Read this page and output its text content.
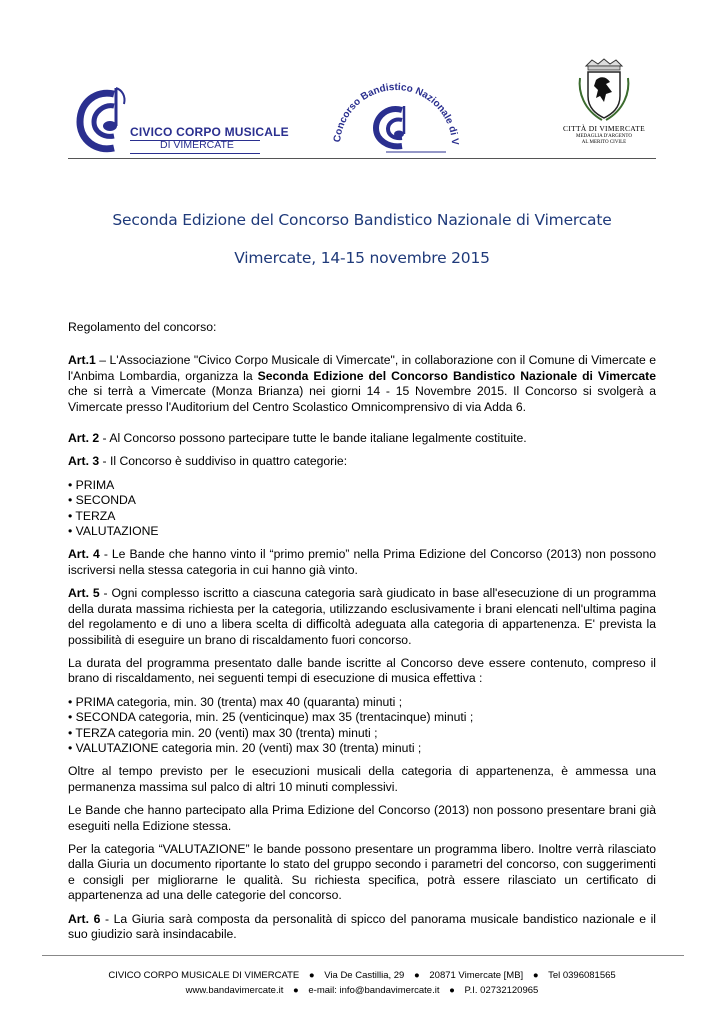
CIVICO CORPO MUSICALE
DI VIMERCATE
Concorso Bandistico Nazionale di V
CITTÀ DI VIMERCATE
MEDAGLIA D'ARGENTO
AL MERITO CIVILE
Seconda Edizione del Concorso Bandistico Nazionale di Vimercate
Vimercate, 14-15 novembre 2015

Regolamento del concorso:

Art.1 – L'Associazione "Civico Corpo Musicale di Vimercate", in collaborazione con il Comune di Vimercate e l'Anbima Lombardia, organizza la Seconda Edizione del Concorso Bandistico Nazionale di Vimercate che si terrà a Vimercate (Monza Brianza) nei giorni 14 - 15 Novembre 2015. Il Concorso si svolgerà a Vimercate presso l'Auditorium del Centro Scolastico Omnicomprensivo di via Adda 6.

Art. 2 - Al Concorso possono partecipare tutte le bande italiane legalmente costituite.

Art. 3 - Il Concorso è suddiviso in quattro categorie:

• PRIMA
• SECONDA
• TERZA
• VALUTAZIONE

Art. 4 - Le Bande che hanno vinto il “primo premio” nella Prima Edizione del Concorso (2013) non possono iscriversi nella stessa categoria in cui hanno già vinto.

Art. 5 - Ogni complesso iscritto a ciascuna categoria sarà giudicato in base all'esecuzione di un programma della durata massima richiesta per la categoria, utilizzando esclusivamente i brani elencati nell'ultima pagina del regolamento e di uno a libera scelta di difficoltà adeguata alla categoria di appartenenza. E' prevista la possibilità di eseguire un brano di riscaldamento fuori concorso.

La durata del programma presentato dalle bande iscritte al Concorso deve essere contenuto, compreso il brano di riscaldamento, nei seguenti tempi di esecuzione di musica effettiva :

• PRIMA categoria, min. 30 (trenta) max 40 (quaranta) minuti ;
• SECONDA categoria, min. 25 (venticinque) max 35 (trentacinque) minuti ;
• TERZA categoria min. 20 (venti) max 30 (trenta) minuti ;
• VALUTAZIONE categoria min. 20 (venti) max 30 (trenta) minuti ;

Oltre al tempo previsto per le esecuzioni musicali della categoria di appartenenza, è ammessa una permanenza massima sul palco di altri 10 minuti complessivi.

Le Bande che hanno partecipato alla Prima Edizione del Concorso (2013) non possono presentare brani già eseguiti nella Edizione stessa.

Per la categoria “VALUTAZIONE” le bande possono presentare un programma libero. Inoltre verrà rilasciato dalla Giuria un documento riportante lo stato del gruppo secondo i parametri del concorso, con suggerimenti e consigli per migliorarne le qualità. Su richiesta specifica, potrà essere rilasciato un certificato di appartenenza ad una delle categorie del concorso.

Art. 6 - La Giuria sarà composta da personalità di spicco del panorama musicale bandistico nazionale e il suo giudizio sarà insindacabile.

CIVICO CORPO MUSICALE DI VIMERCATE ● Via De Castillia, 29 ● 20871 Vimercate [MB] ● Tel 0396081565
www.bandavimercate.it ● e-mail: info@bandavimercate.it ● P.I. 02732120965
